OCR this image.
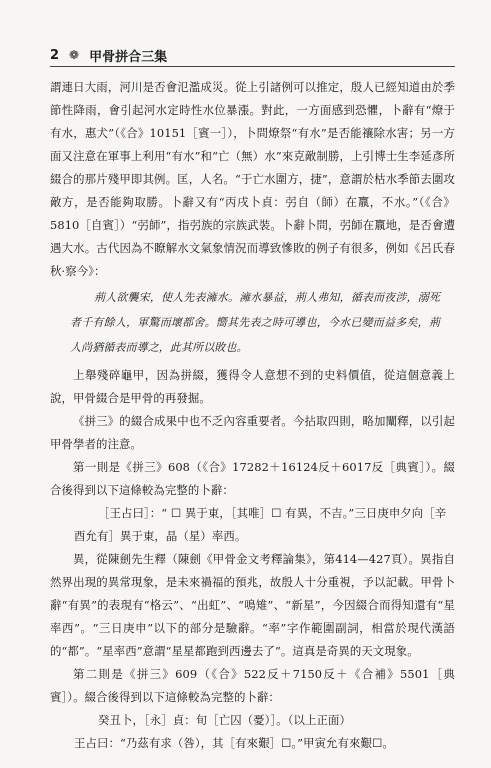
2 ❁ 甲骨拼合三集

謂連日大雨，河川是否會氾濫成災。從上引諸例可以推定，殷人已經知道由於季節性降雨，會引起河水定時性水位暴漲。對此，一方面感到恐懼，卜辭有“燎于有水，惠犬”（《合》10151［賓一］），卜問燎祭“有水”是否能禳除水害；另一方面又注意在軍事上利用“有水”和“亡（無）水”來克敵制勝，上引博士生李延彥所綴合的那片殘甲即其例。匡，人名。“于亡水圍方，捷”，意謂於枯水季節去圍攻敵方，是否能夠取勝。卜辭又有“丙戌卜貞：弜自（師）在𣎆，不水。”（《合》5810［自賓］）“弜師”，指弜族的宗族武裝。卜辭卜問，弜師在𣎆地，是否會遭遇大水。古代因為不瞭解水文氣象情況而導致慘敗的例子有很多，例如《呂氏春秋·察今》：

荊人欲襲宋，使人先表澭水。澭水暴益，荊人弗知，循表而夜涉，溺死者千有餘人，軍驚而壞都舍。嚮其先表之時可導也，今水已變而益多矣，荊人尚猶循表而導之，此其所以敗也。

上舉殘碎龜甲，因為拼綴，獲得令人意想不到的史料價值，從這個意義上說，甲骨綴合是甲骨的再發掘。

《拼三》的綴合成果中也不乏內容重要者。今拈取四則，略加闡釋，以引起甲骨學者的注意。

第一則是《拼三》608（《合》17282＋16124反＋6017反［典賓］）。綴合後得到以下這條較為完整的卜辭：

［王占曰］：“ ☐ 異于東，［其唯］☐ 有異，不吉。”三日庚申夕向［辛

酉允有］異于東，晶（星）率西。

異，從陳劍先生釋（陳劍《甲骨金文考釋論集》，第414—427頁）。異指自然界出現的異常現象，是未來禍福的預兆，故殷人十分重視，予以記載。甲骨卜辭“有異”的表現有“格云”、“出虹”、“鳴雉”、“新星”，今因綴合而得知還有“星率西”。“三日庚申”以下的部分是驗辭。“率”字作範圍副詞，相當於現代漢語的“都”。“星率西”意謂“星星都跑到西邊去了”。這真是奇異的天文現象。

第二則是《拼三》609（《合》522反＋7150反＋《合補》5501［典賓］）。綴合後得到以下這條較為完整的卜辭：

癸丑卜，［永］貞：旬［亡囚（憂）］。（以上正面）

王占曰：“乃茲有求（咎），其［有來艱］☐。”甲寅允有來艱☐。
